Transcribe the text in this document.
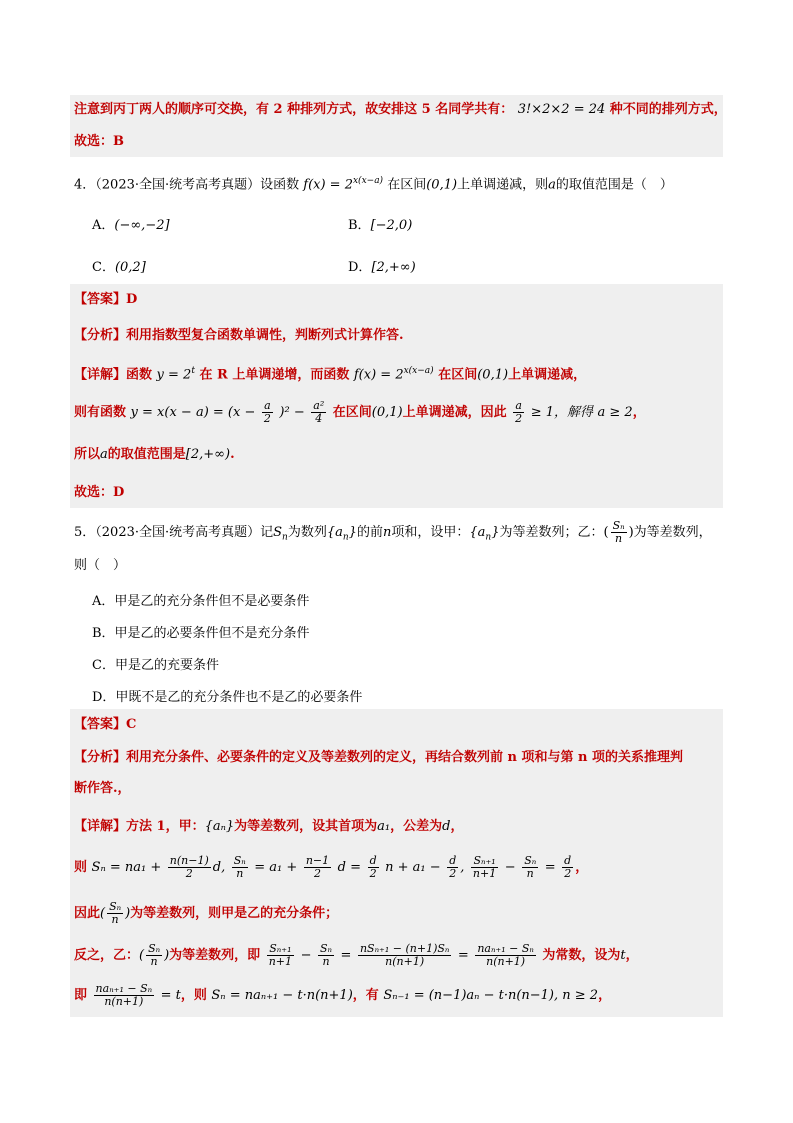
注意到丙丁两人的顺序可交换，有 2 种排列方式，故安排这 5 名同学共有： 3!×2×2 = 24 种不同的排列方式，
故选：B
4．（2023·全国·统考高考真题）设函数 $f(x) = 2^{x(x-a)}$ 在区间(0,1)上单调递减，则a的取值范围是（　）
A．(−∞,−2]	B．[−2,0)
C．(0,2]	D．[2,+∞)
【答案】D
【分析】利用指数型复合函数单调性，判断列式计算作答.
【详解】函数 $y = 2^t$ 在 R 上单调递增，而函数 $f(x) = 2^{x(x-a)}$ 在区间(0,1)上单调递减，
则有函数 $y = x(x - a) = (x - \frac{a}{2} )^2 - \frac{\text{a²}}{4}$ 在区间(0,1)上单调递减，因此 $\frac{a}{2} \ge 1$，解得 a ≥ 2，
所以a的取值范围是[2,+∞).
故选：D
5．（2023·全国·统考高考真题）记$S_n$为数列$\{a_n\}$的前n项和，设甲：$\{a_n\}$为等差数列；乙：( $\frac{\text{Sₙ}}{n}$ )为等差数列，
则（　）
A．甲是乙的充分条件但不是必要条件
B．甲是乙的必要条件但不是充分条件
C．甲是乙的充要条件
D．甲既不是乙的充分条件也不是乙的必要条件
【答案】C
【分析】利用充分条件、必要条件的定义及等差数列的定义，再结合数列前 n 项和与第 n 项的关系推理判
断作答.，
【详解】方法 1，甲：{aₙ}为等差数列，设其首项为a₁，公差为d，
则 $S_n = na_1 + \frac{n(n-1)}{2} d$, $\frac{\text{Sₙ}}{n} = a_1 + \frac{n-1}{2}$ $d = \frac{d}{2}$ $n + a_1 - \frac{d}{2}$ , $\frac{\text{Sₙ₊₁}}{n+1} - \frac{\text{Sₙ}}{n} = \frac{d}{2}$ ，
因此( $\frac{\text{Sₙ}}{n}$ )为等差数列，则甲是乙的充分条件；
反之，乙：( $\frac{\text{Sₙ}}{n}$ )为等差数列，即 $\frac{\text{Sₙ₊₁}}{n+1} - \frac{\text{Sₙ}}{n} = \frac{\text{nSₙ₊₁ − (n+1)Sₙ}}{n(n+1)} = \frac{\text{naₙ₊₁ − Sₙ}}{n(n+1)}$ 为常数，设为t，
即 $\frac{\text{naₙ₊₁ − Sₙ}}{n(n+1)} = t$，则 Sₙ = naₙ₊₁ − t·n(n+1)，有 Sₙ₋₁ = (n−1)aₙ − t·n(n−1), n ≥ 2，
